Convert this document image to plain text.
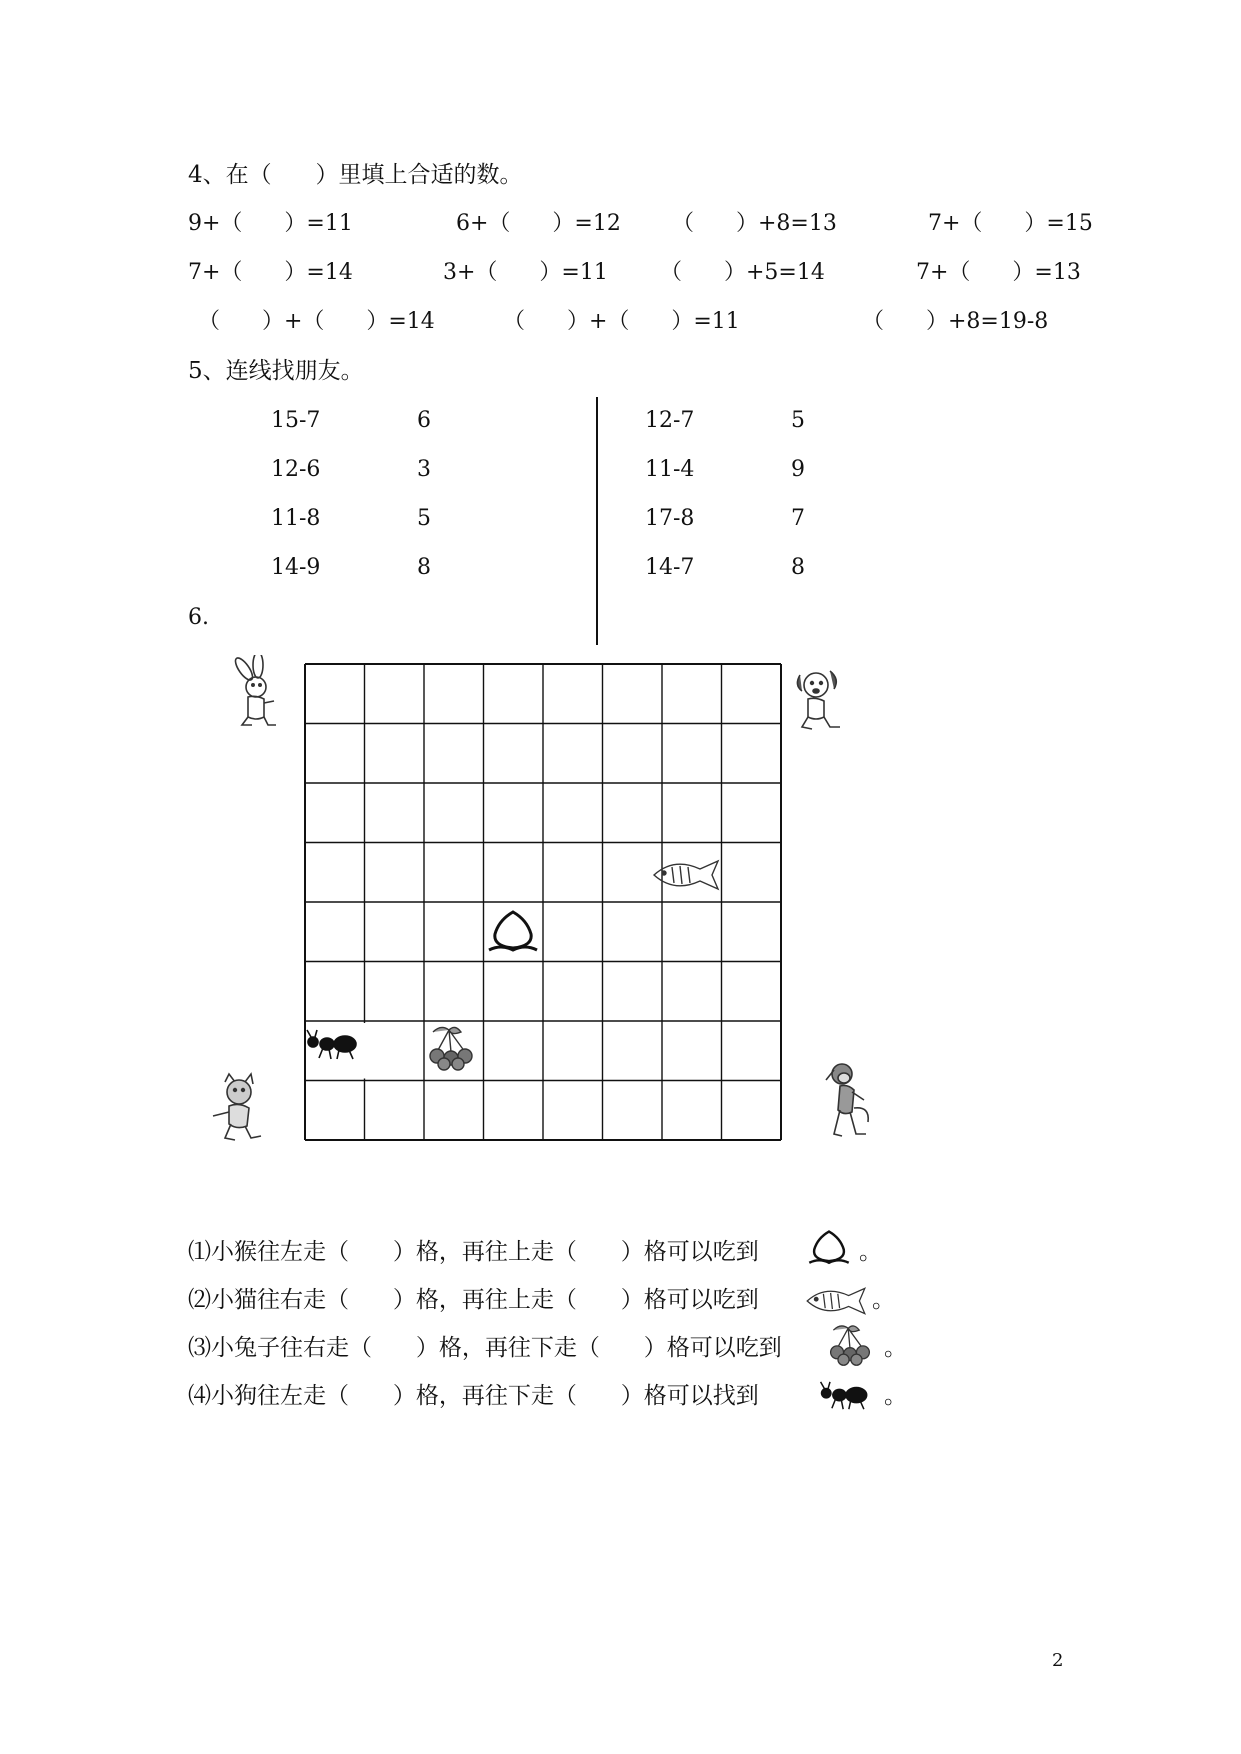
4、在（      ）里填上合适的数。
9+（      ）=11	6+（      ）=12 （      ）+8=13	7+（      ）=15
7+（      ）=14	3+（      ）=11 （      ）+5=14	7+（      ）=13
（      ）+（      ）=14	（      ）+（      ）=11	（      ）+8=19-8
5、连线找朋友。
15-7	6
12-6	3
11-8	5
14-9	8
12-7	5
11-4	9
17-8	7
14-7	8
6.
⑴小猴往左走（      ）格，再往上走（      ）格可以吃到	。
⑵小猫往右走（      ）格，再往上走（      ）格可以吃到	。
⑶小兔子往右走（      ）格，再往下走（      ）格可以吃到	。
⑷小狗往左走（      ）格，再往下走（      ）格可以找到	。
2
